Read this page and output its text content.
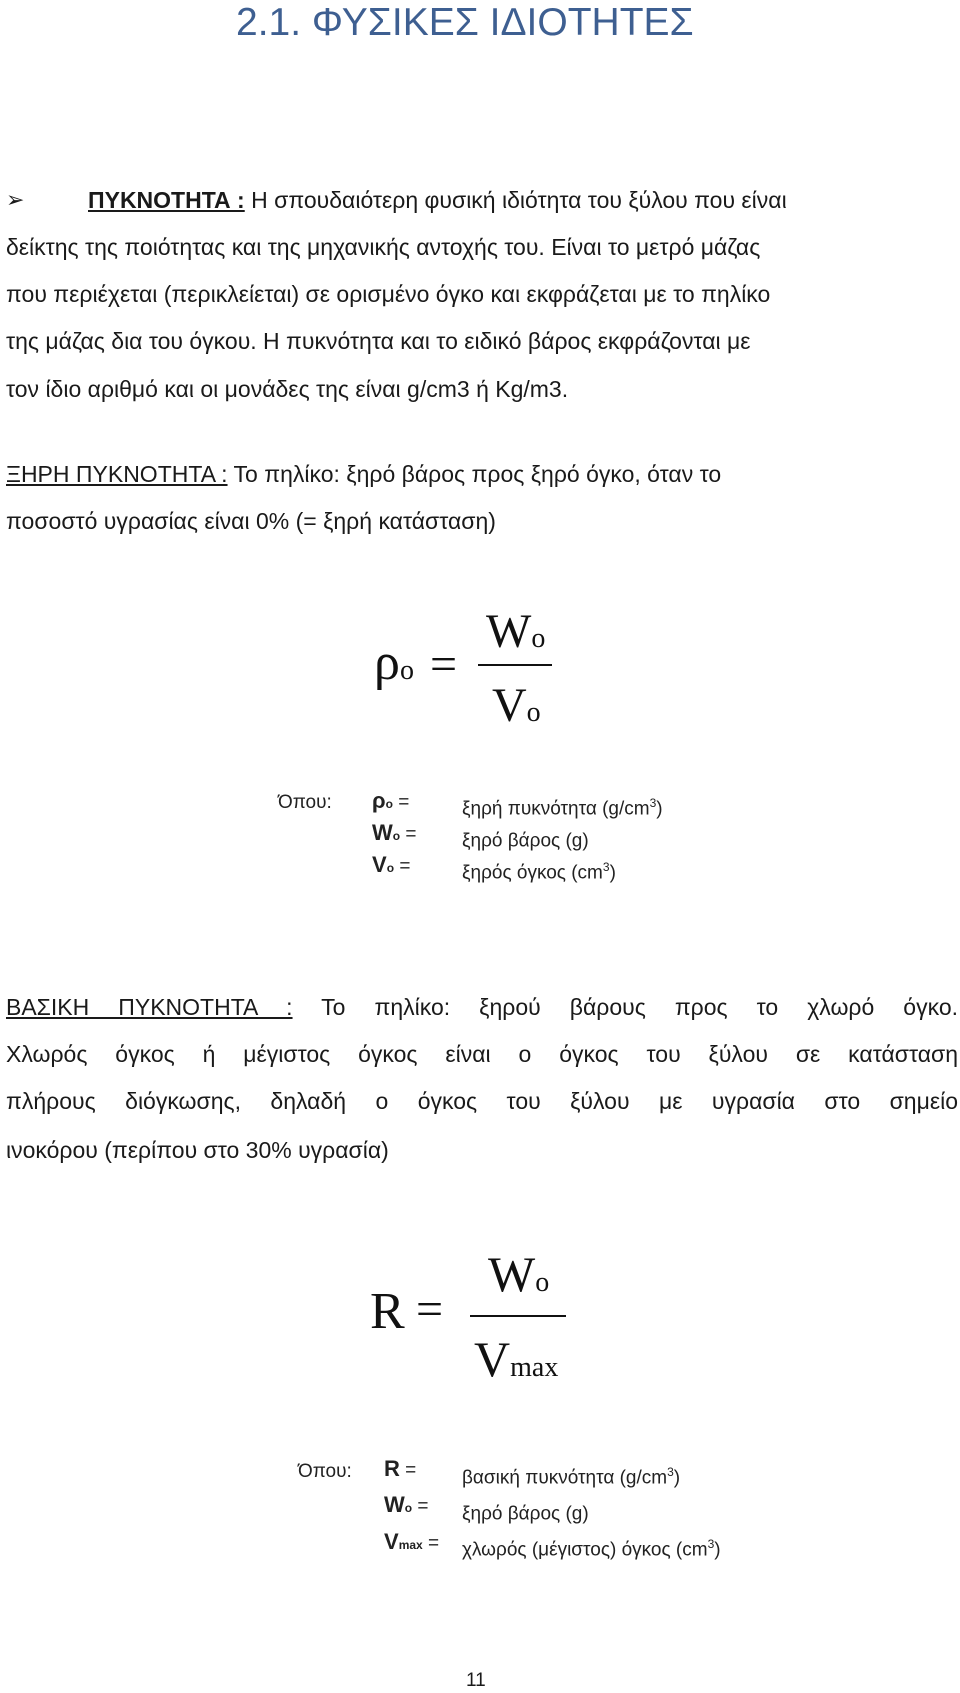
2.1. ΦΥΣΙΚΕΣ ΙΔΙΟΤΗΤΕΣ
➢	ΠΥΚΝΟΤΗΤΑ : Η σπουδαιότερη φυσική ιδιότητα του ξύλου που είναι
δείκτης της ποιότητας και της μηχανικής αντοχής του. Είναι το μετρό μάζας
που περιέχεται (περικλείεται) σε ορισμένο όγκο και εκφράζεται με το πηλίκο
της μάζας δια του όγκου. Η πυκνότητα και το ειδικό βάρος εκφράζονται με
τον ίδιο αριθμό και οι μονάδες της είναι g/cm3 ή Kg/m3.
ΞΗΡΗ ΠΥΚΝΟΤΗΤΑ : Το πηλίκο: ξηρό βάρος προς ξηρό όγκο, όταν το
ποσοστό υγρασίας είναι 0% (= ξηρή κατάσταση)
ρo =
Wo
Vo
Όπου: ρo =	ξηρή πυκνότητα $(g/cm^3)$
Wo = ξηρό βάρος (g)
Vo =	ξηρός όγκος $(cm^3)$
ΒΑΣΙΚΗ ΠΥΚΝΟΤΗΤΑ : Το πηλίκο: ξηρού βάρους προς το χλωρό όγκο.
Χλωρός όγκος ή μέγιστος όγκος είναι ο όγκος του ξύλου σε κατάσταση
πλήρους διόγκωσης, δηλαδή ο όγκος του ξύλου με υγρασία στο σημείο
ινοκόρου (περίπου στο 30% υγρασία)
R =
Wo
Vmax
Όπου: R = βασική πυκνότητα $(g/cm^3)$
Wo = ξηρό βάρος (g)
Vmax = χλωρός (μέγιστος) όγκος $(cm^3)$
11
